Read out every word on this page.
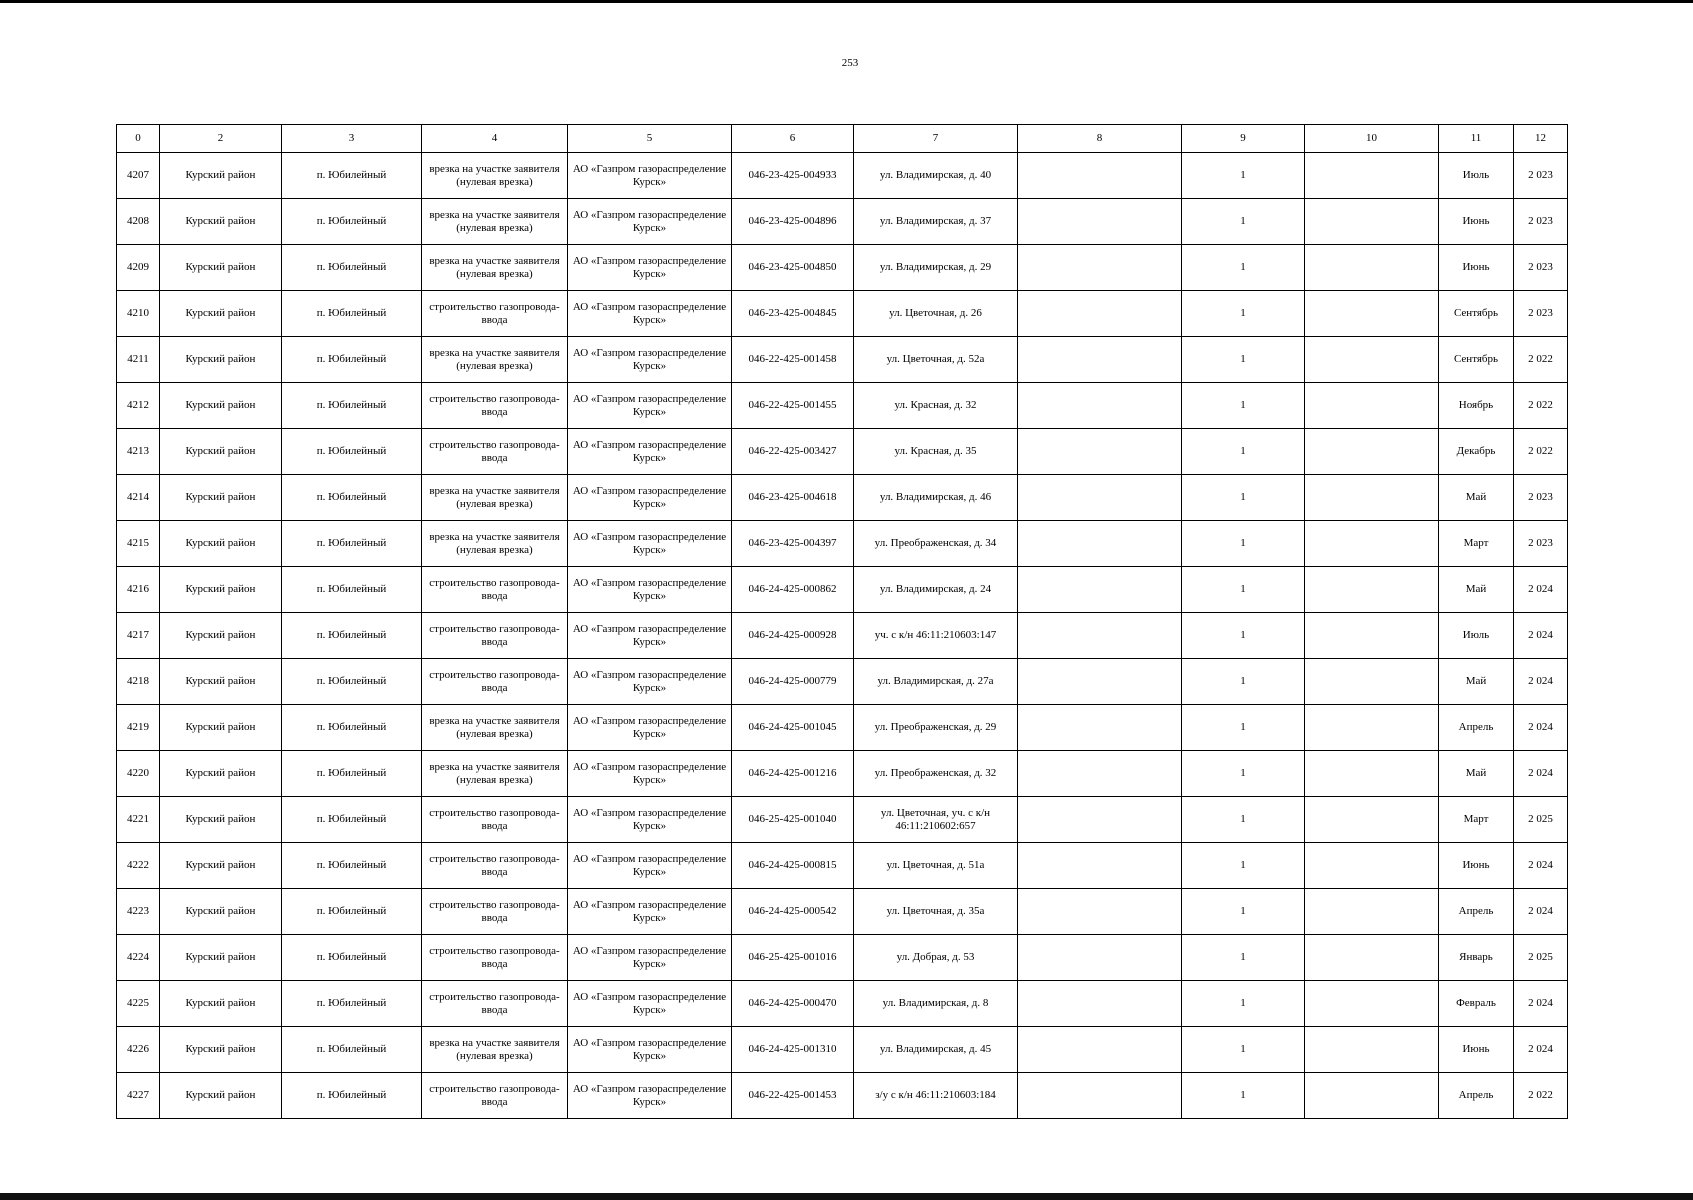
253
0	2	3	4	5	6	7	8	9	10	11	12
4207	Курский район	п. Юбилейный	врезка на участке заявителя (нулевая врезка)	АО «Газпром газораспределение Курск»	046-23-425-004933	ул. Владимирская, д. 40		1		Июль	2 023
4208	Курский район	п. Юбилейный	врезка на участке заявителя (нулевая врезка)	АО «Газпром газораспределение Курск»	046-23-425-004896	ул. Владимирская, д. 37		1		Июнь	2 023
4209	Курский район	п. Юбилейный	врезка на участке заявителя (нулевая врезка)	АО «Газпром газораспределение Курск»	046-23-425-004850	ул. Владимирская, д. 29		1		Июнь	2 023
4210	Курский район	п. Юбилейный	строительство газопровода-ввода	АО «Газпром газораспределение Курск»	046-23-425-004845	ул. Цветочная, д. 26		1		Сентябрь	2 023
4211	Курский район	п. Юбилейный	врезка на участке заявителя (нулевая врезка)	АО «Газпром газораспределение Курск»	046-22-425-001458	ул. Цветочная, д. 52а		1		Сентябрь	2 022
4212	Курский район	п. Юбилейный	строительство газопровода-ввода	АО «Газпром газораспределение Курск»	046-22-425-001455	ул. Красная, д. 32		1		Ноябрь	2 022
4213	Курский район	п. Юбилейный	строительство газопровода-ввода	АО «Газпром газораспределение Курск»	046-22-425-003427	ул. Красная, д. 35		1		Декабрь	2 022
4214	Курский район	п. Юбилейный	врезка на участке заявителя (нулевая врезка)	АО «Газпром газораспределение Курск»	046-23-425-004618	ул. Владимирская, д. 46		1		Май	2 023
4215	Курский район	п. Юбилейный	врезка на участке заявителя (нулевая врезка)	АО «Газпром газораспределение Курск»	046-23-425-004397	ул. Преображенская, д. 34		1		Март	2 023
4216	Курский район	п. Юбилейный	строительство газопровода-ввода	АО «Газпром газораспределение Курск»	046-24-425-000862	ул. Владимирская, д. 24		1		Май	2 024
4217	Курский район	п. Юбилейный	строительство газопровода-ввода	АО «Газпром газораспределение Курск»	046-24-425-000928	уч. с к/н 46:11:210603:147		1		Июль	2 024
4218	Курский район	п. Юбилейный	строительство газопровода-ввода	АО «Газпром газораспределение Курск»	046-24-425-000779	ул. Владимирская, д. 27а		1		Май	2 024
4219	Курский район	п. Юбилейный	врезка на участке заявителя (нулевая врезка)	АО «Газпром газораспределение Курск»	046-24-425-001045	ул. Преображенская, д. 29		1		Апрель	2 024
4220	Курский район	п. Юбилейный	врезка на участке заявителя (нулевая врезка)	АО «Газпром газораспределение Курск»	046-24-425-001216	ул. Преображенская, д. 32		1		Май	2 024
4221	Курский район	п. Юбилейный	строительство газопровода-ввода	АО «Газпром газораспределение Курск»	046-25-425-001040	ул. Цветочная, уч. с к/н 46:11:210602:657		1		Март	2 025
4222	Курский район	п. Юбилейный	строительство газопровода-ввода	АО «Газпром газораспределение Курск»	046-24-425-000815	ул. Цветочная, д. 51а		1		Июнь	2 024
4223	Курский район	п. Юбилейный	строительство газопровода-ввода	АО «Газпром газораспределение Курск»	046-24-425-000542	ул. Цветочная, д. 35а		1		Апрель	2 024
4224	Курский район	п. Юбилейный	строительство газопровода-ввода	АО «Газпром газораспределение Курск»	046-25-425-001016	ул. Добрая, д. 53		1		Январь	2 025
4225	Курский район	п. Юбилейный	строительство газопровода-ввода	АО «Газпром газораспределение Курск»	046-24-425-000470	ул. Владимирская, д. 8		1		Февраль	2 024
4226	Курский район	п. Юбилейный	врезка на участке заявителя (нулевая врезка)	АО «Газпром газораспределение Курск»	046-24-425-001310	ул. Владимирская, д. 45		1		Июнь	2 024
4227	Курский район	п. Юбилейный	строительство газопровода-ввода	АО «Газпром газораспределение Курск»	046-22-425-001453	з/у с к/н 46:11:210603:184		1		Апрель	2 022
